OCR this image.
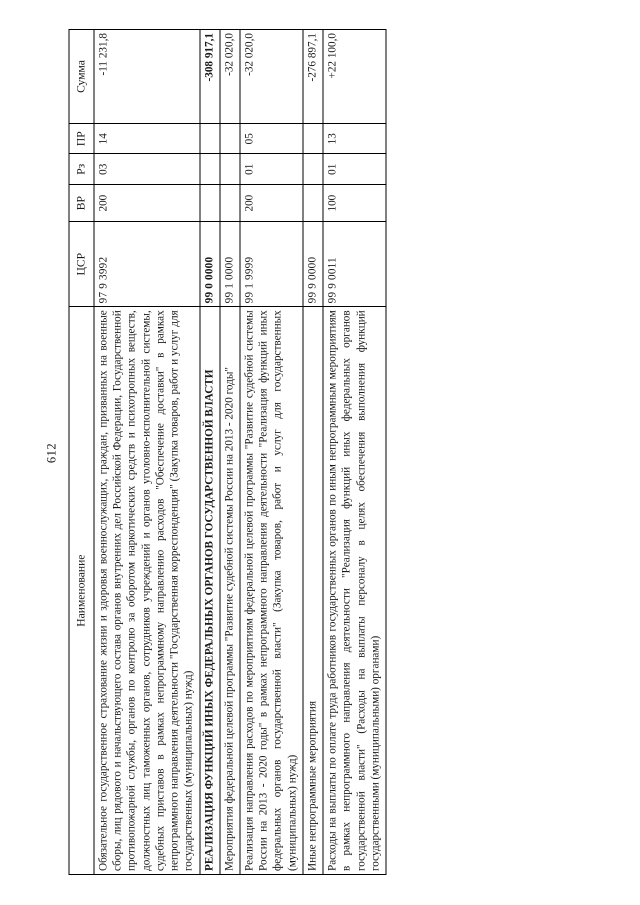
612
Наименование	ЦСР	ВР	Рз	ПР	Сумма
Обязательное государственное страхование жизни и здоровья военнослужащих, граждан, призванных на военные сборы, лиц рядового и начальствующего состава органов внутренних дел Российской Федерации, Государственной противопожарной службы, органов по контролю за оборотом наркотических средств и психотропных веществ, должностных лиц таможенных органов, сотрудников учреждений и органов уголовно-исполнительной системы, судебных приставов в рамках непрограммному направлению расходов "Обеспечение доставки" в рамках непрограммного направления деятельности "Государственная корреспонденция" (Закупка товаров, работ и услуг для государственных (муниципальных) нужд)	97 9 3992	200	03	14	-11 231,8
РЕАЛИЗАЦИЯ ФУНКЦИЙ ИНЫХ ФЕДЕРАЛЬНЫХ ОРГАНОВ ГОСУДАРСТВЕННОЙ ВЛАСТИ	99 0 0000				-308 917,1
Мероприятия федеральной целевой программы "Развитие судебной системы России на 2013 - 2020 годы"	99 1 0000				-32 020,0
Реализация направления расходов по мероприятиям федеральной целевой программы "Развитие судебной системы России на 2013 - 2020 годы" в рамках непрограммного направления деятельности "Реализация функций иных федеральных органов государственной власти" (Закупка товаров, работ и услуг для государственных (муниципальных) нужд)	99 1 9999	200	01	05	-32 020,0
Иные непрограммные мероприятия	99 9 0000				-276 897,1
Расходы на выплаты по оплате труда работников государственных органов по иным непрограммным мероприятиям в рамках непрограммного направления деятельности "Реализация функций иных федеральных органов государственной власти" (Расходы на выплаты персоналу в целях обеспечения выполнения функций государственными (муниципальными) органами)	99 9 0011	100	01	13	+22 100,0
